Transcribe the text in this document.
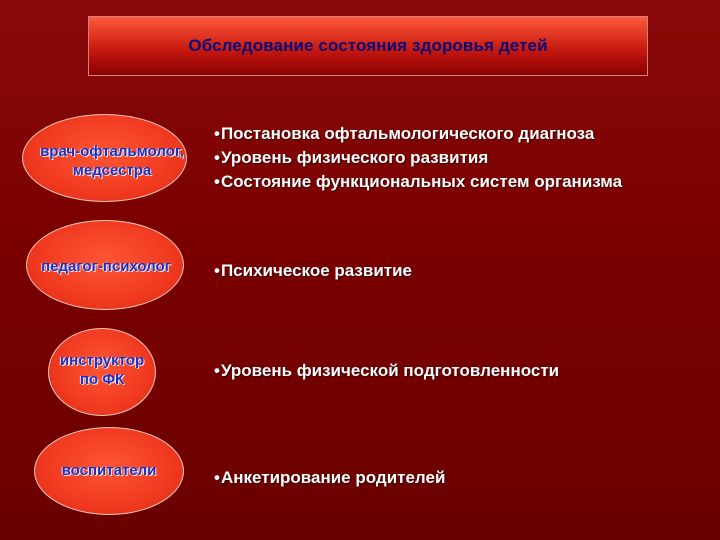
Обследование состояния здоровья детей
врач-офтальмолог,
медсестра
• Постановка офтальмологического диагноза
• Уровень физического развития
• Состояние функциональных систем организма
педагог-психолог	• Психическое развитие
инструктор
по ФК	• Уровень физической подготовленности
воспитатели	• Анкетирование родителей
